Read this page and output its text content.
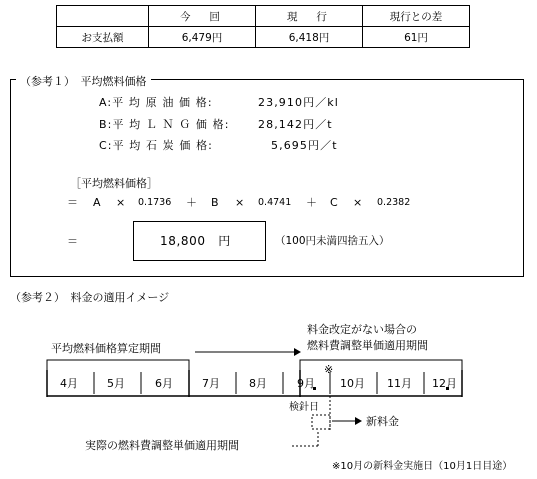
	今　回	現　行	現行との差
お支払額	6,479円	6,418円	61円
（参考１）　平均燃料価格
A:平 均 原 油 価 格:	23,910円／kl
B:平 均 Ｌ Ｎ Ｇ 価 格:	28,142円／t
C:平 均 石 炭 価 格:	5,695円／t
［平均燃料価格］
＝ A × 0.1736 ＋ B × 0.4741 ＋ C × 0.2382
＝	18,800　円	（100円未満四捨五入）
（参考２）　料金の適用イメージ
料金改定がない場合の
燃料費調整単価適用期間
平均燃料価格算定期間
4月	5月	6月	7月	8月	9月 10月 11月 12月
※
検針日
新料金
実際の燃料費調整単価適用期間
※10月の新料金実施日（10月1日目途）
